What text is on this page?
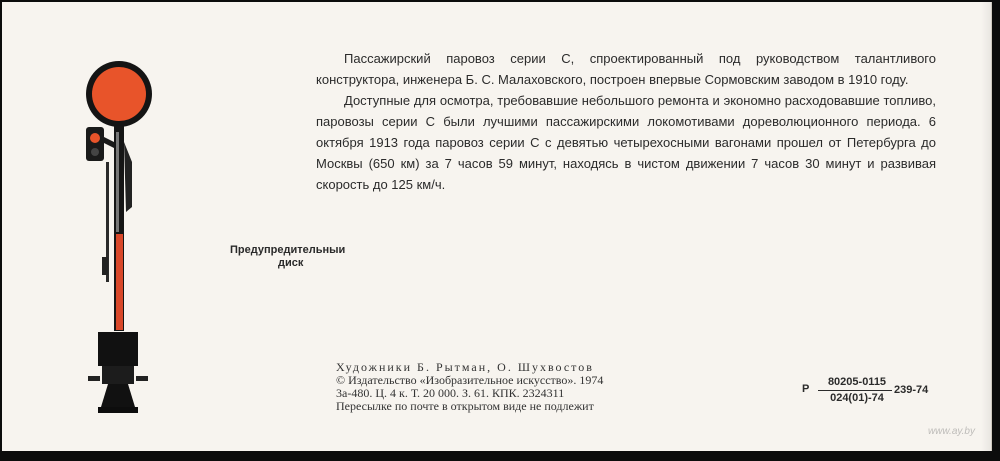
Предупредительныи
диск

Пассажирский паровоз серии С, спроектированный под руководством талантливого конструктора, инженера Б. С. Малаховского, построен впервые Сормовским заводом в 1910 году.

Доступные для осмотра, требовавшие небольшого ремонта и экономно расходовавшие топливо, паровозы серии С были лучшими пассажирскими локомотивами дореволюционного периода. 6 октября 1913 года паровоз серии С с девятью четырехосными вагонами прошел от Петербурга до Москвы (650 км) за 7 часов 59 минут, находясь в чистом движении 7 часов 30 минут и развивая скорость до 125 км/ч.

Художники Б. Рытман, О. Шухвостов
© Издательство «Изобразительное искусство». 1974
3а-480. Ц. 4 к. Т. 20 000. З. 61. КПК. 2324311
Пересылке по почте в открытом виде не подлежит
Р
80205-0115
024(01)-74
239-74
www.ay.by
